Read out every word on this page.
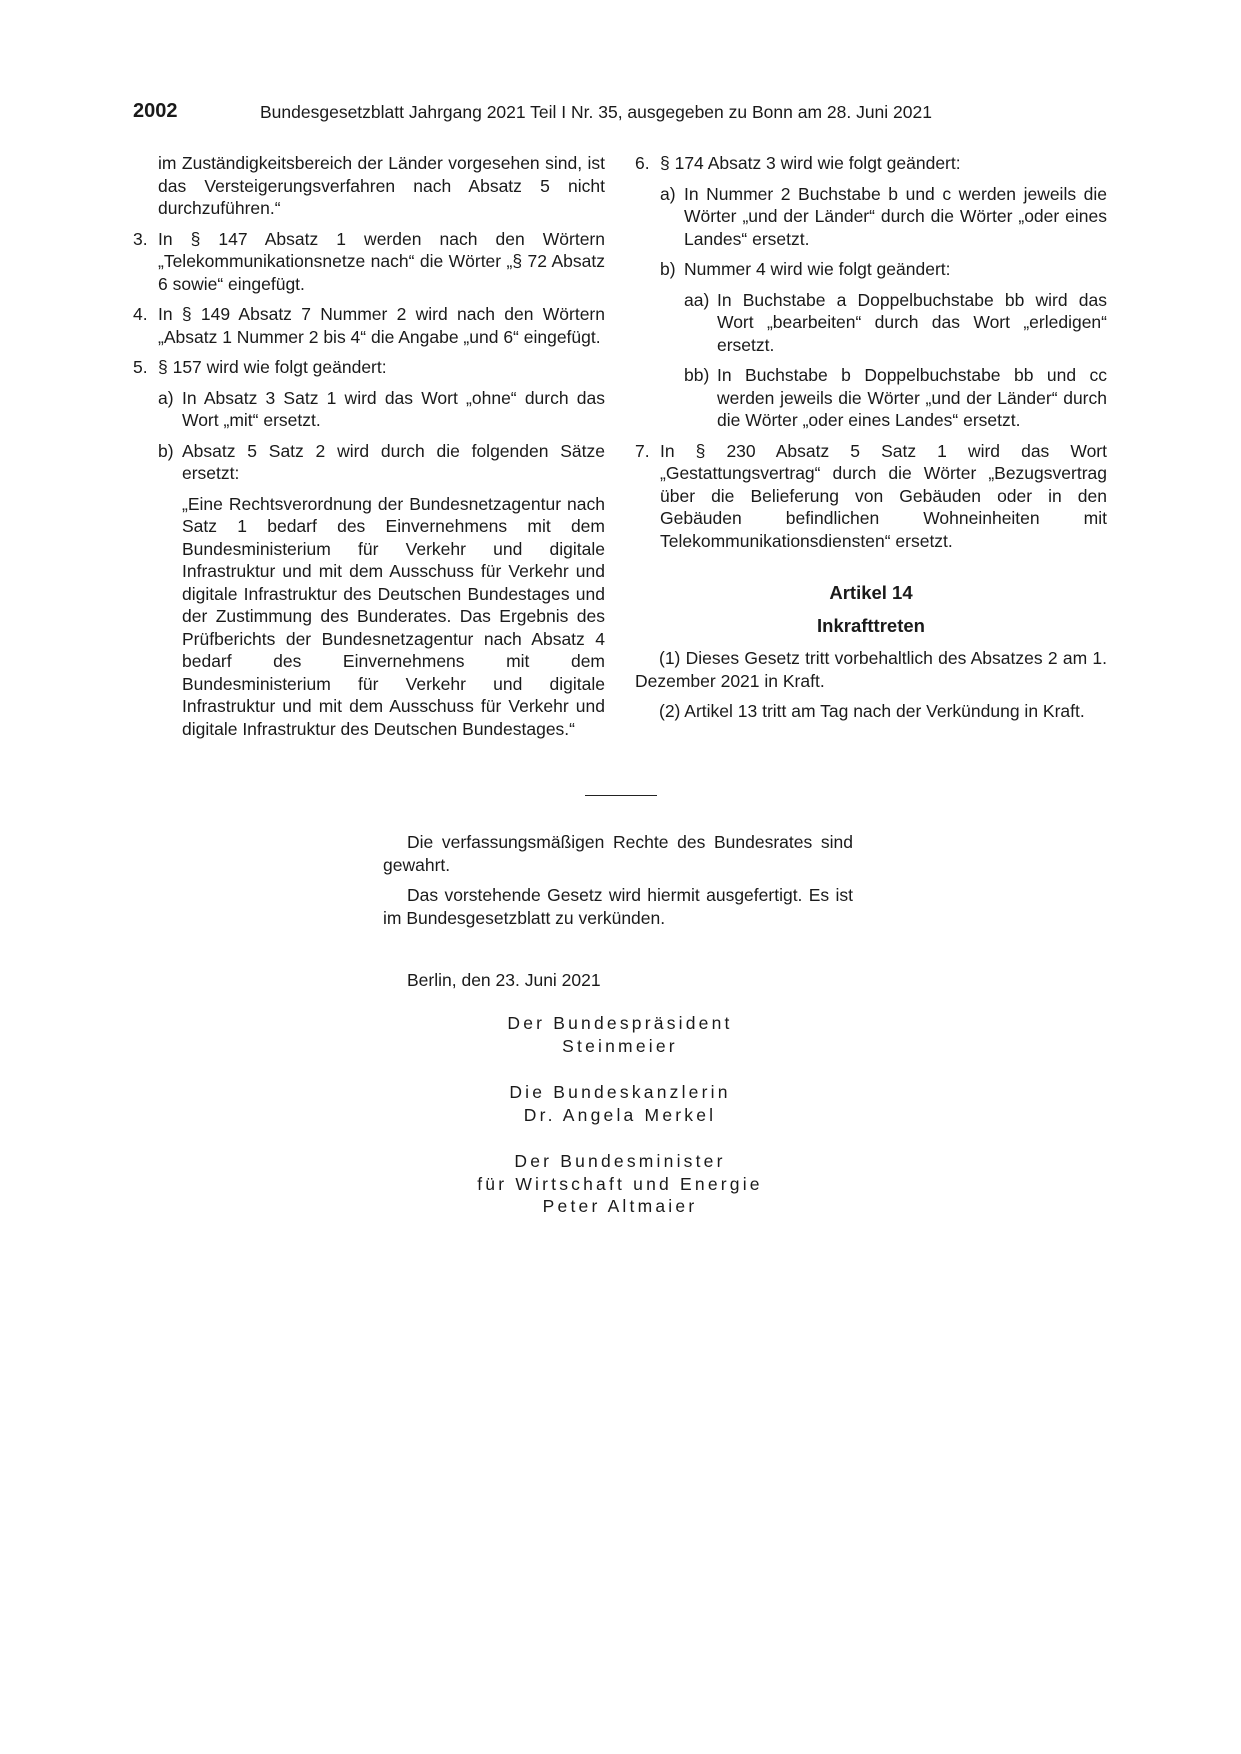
2002	Bundesgesetzblatt Jahrgang 2021 Teil I Nr. 35, ausgegeben zu Bonn am 28. Juni 2021

im Zuständigkeitsbereich der Länder vorgesehen sind, ist das Versteigerungsverfahren nach Absatz 5 nicht durchzuführen.“

3. In § 147 Absatz 1 werden nach den Wörtern „Telekommunikationsnetze nach“ die Wörter „§ 72 Absatz 6 sowie“ eingefügt.

4. In § 149 Absatz 7 Nummer 2 wird nach den Wörtern „Absatz 1 Nummer 2 bis 4“ die Angabe „und 6“ eingefügt.

5. § 157 wird wie folgt geändert:

a) In Absatz 3 Satz 1 wird das Wort „ohne“ durch das Wort „mit“ ersetzt.

b) Absatz 5 Satz 2 wird durch die folgenden Sätze ersetzt:

„Eine Rechtsverordnung der Bundesnetzagentur nach Satz 1 bedarf des Einvernehmens mit dem Bundesministerium für Verkehr und digitale Infrastruktur und mit dem Ausschuss für Verkehr und digitale Infrastruktur des Deutschen Bundestages und der Zustimmung des Bunderates. Das Ergebnis des Prüfberichts der Bundesnetzagentur nach Absatz 4 bedarf des Einvernehmens mit dem Bundesministerium für Verkehr und digitale Infrastruktur und mit dem Ausschuss für Verkehr und digitale Infrastruktur des Deutschen Bundestages.“

6. § 174 Absatz 3 wird wie folgt geändert:

a) In Nummer 2 Buchstabe b und c werden jeweils die Wörter „und der Länder“ durch die Wörter „oder eines Landes“ ersetzt.

b) Nummer 4 wird wie folgt geändert:

aa) In Buchstabe a Doppelbuchstabe bb wird das Wort „bearbeiten“ durch das Wort „erledigen“ ersetzt.

bb) In Buchstabe b Doppelbuchstabe bb und cc werden jeweils die Wörter „und der Länder“ durch die Wörter „oder eines Landes“ ersetzt.

7. In § 230 Absatz 5 Satz 1 wird das Wort „Gestattungsvertrag“ durch die Wörter „Bezugsvertrag über die Belieferung von Gebäuden oder in den Gebäuden befindlichen Wohneinheiten mit Telekommunikationsdiensten“ ersetzt.

Artikel 14

Inkrafttreten

(1) Dieses Gesetz tritt vorbehaltlich des Absatzes 2 am 1. Dezember 2021 in Kraft.

(2) Artikel 13 tritt am Tag nach der Verkündung in Kraft.

Die verfassungsmäßigen Rechte des Bundesrates sind gewahrt.

Das vorstehende Gesetz wird hiermit ausgefertigt. Es ist im Bundesgesetzblatt zu verkünden.

Berlin, den 23. Juni 2021

Der Bundespräsident
Steinmeier
Die Bundeskanzlerin
Dr. Angela Merkel
Der Bundesminister
für Wirtschaft und Energie
Peter Altmaier
